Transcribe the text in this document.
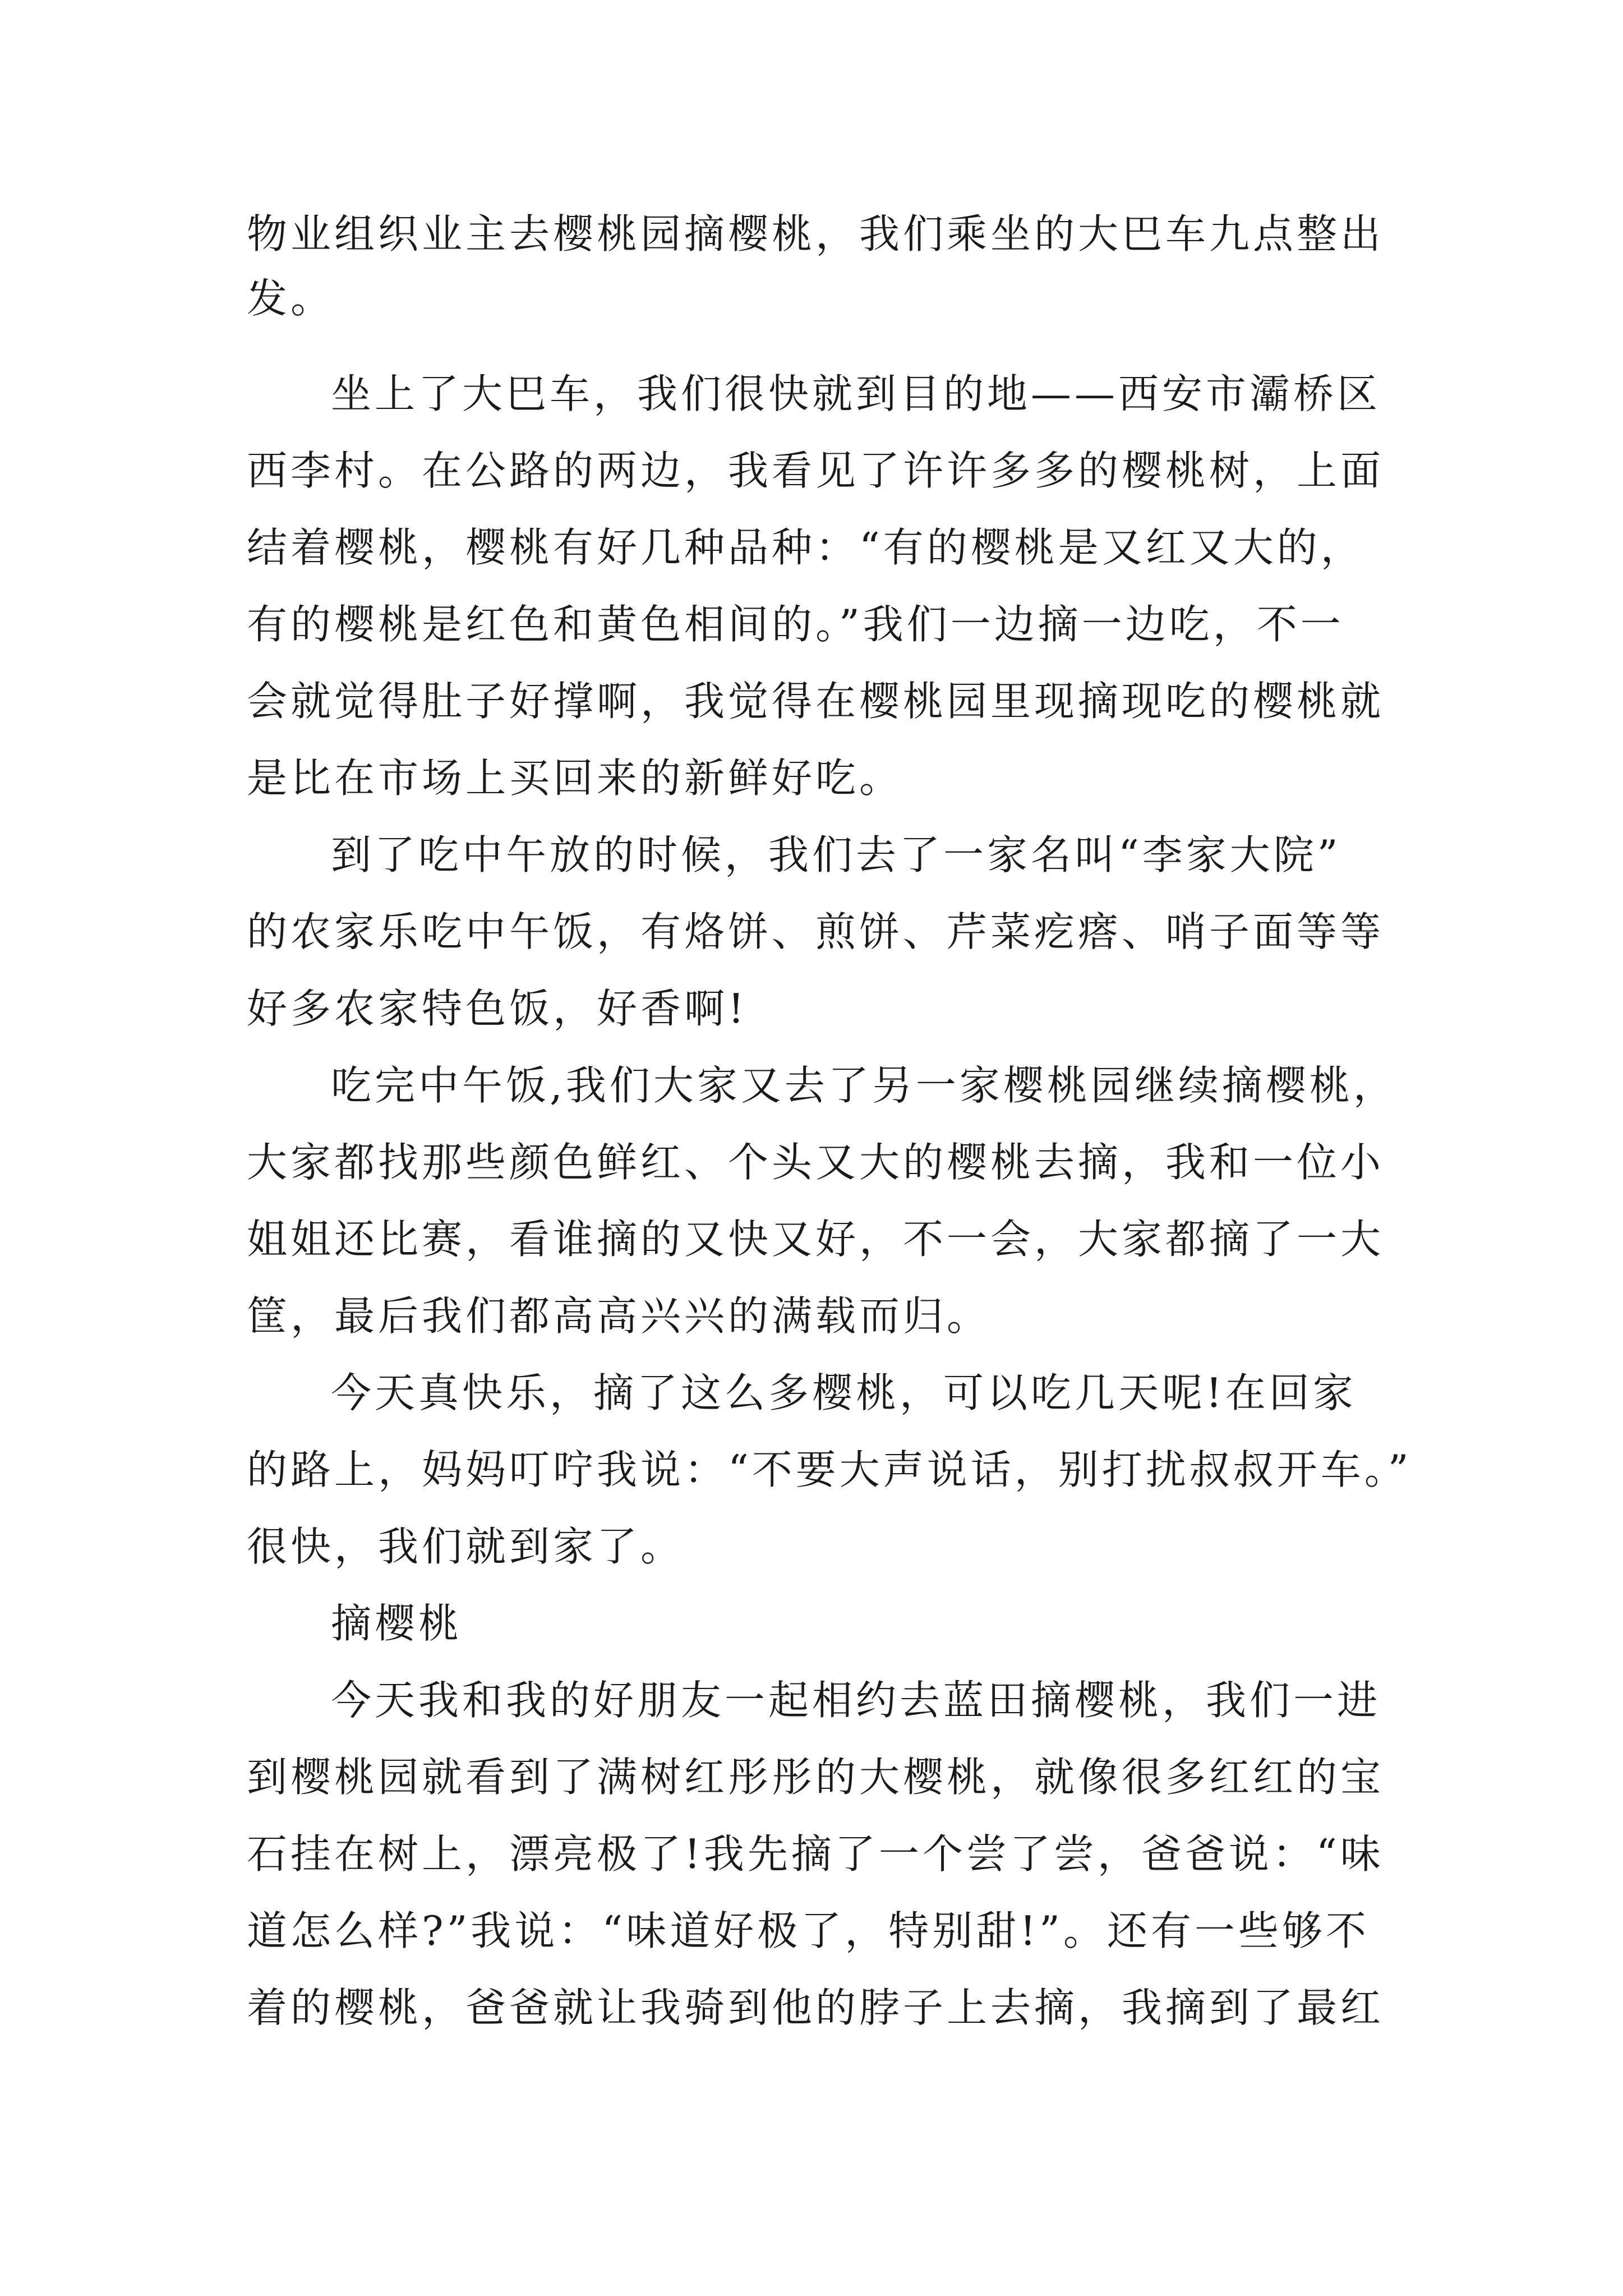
物业组织业主去樱桃园摘樱桃，我们乘坐的大巴车九点整出
发。
坐上了大巴车，我们很快就到目的地——西安市灞桥区
西李村。在公路的两边，我看见了许许多多的樱桃树，上面
结着樱桃，樱桃有好几种品种：“有的樱桃是又红又大的，
有的樱桃是红色和黄色相间的。”我们一边摘一边吃，不一
会就觉得肚子好撑啊，我觉得在樱桃园里现摘现吃的樱桃就
是比在市场上买回来的新鲜好吃。
到了吃中午放的时候，我们去了一家名叫“李家大院”
的农家乐吃中午饭，有烙饼、煎饼、芹菜疙瘩、哨子面等等
好多农家特色饭，好香啊!
吃完中午饭,我们大家又去了另一家樱桃园继续摘樱桃，
大家都找那些颜色鲜红、个头又大的樱桃去摘，我和一位小
姐姐还比赛，看谁摘的又快又好，不一会，大家都摘了一大
筐，最后我们都高高兴兴的满载而归。
今天真快乐，摘了这么多樱桃，可以吃几天呢!在回家
的路上，妈妈叮咛我说：“不要大声说话，别打扰叔叔开车。”
很快，我们就到家了。
摘樱桃
今天我和我的好朋友一起相约去蓝田摘樱桃，我们一进
到樱桃园就看到了满树红彤彤的大樱桃，就像很多红红的宝
石挂在树上，漂亮极了!我先摘了一个尝了尝，爸爸说：“味
道怎么样?”我说：“味道好极了，特别甜!”。还有一些够不
着的樱桃，爸爸就让我骑到他的脖子上去摘，我摘到了最红
